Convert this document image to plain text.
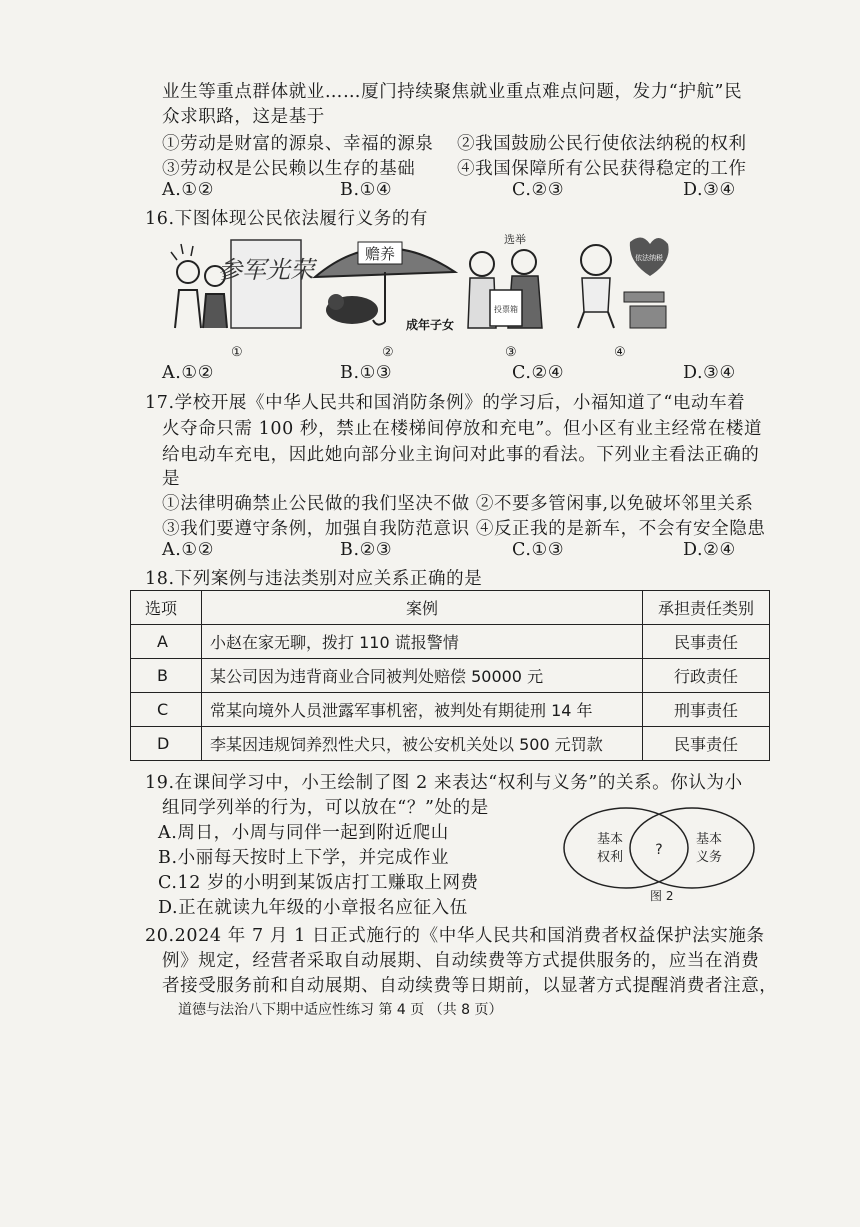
业生等重点群体就业……厦门持续聚焦就业重点难点问题，发力“护航”民
众求职路，这是基于
①劳动是财富的源泉、幸福的源泉 ②我国鼓励公民行使依法纳税的权利
③劳动权是公民赖以生存的基础 ④我国保障所有公民获得稳定的工作
A.①②	B.①④	C.②③	D.③④
16.下图体现公民依法履行义务的有
参军光荣
赡养
成年子女
选举
投票箱
依法纳税
①	②	③	④
A.①②	B.①③	C.②④	D.③④
17.学校开展《中华人民共和国消防条例》的学习后，小福知道了“电动车着
火夺命只需 100 秒，禁止在楼梯间停放和充电”。但小区有业主经常在楼道
给电动车充电，因此她向部分业主询问对此事的看法。下列业主看法正确的
是
①法律明确禁止公民做的我们坚决不做 ②不要多管闲事,以免破坏邻里关系
③我们要遵守条例，加强自我防范意识 ④反正我的是新车，不会有安全隐患
A.①②	B.②③	C.①③	D.②④
18.下列案例与违法类别对应关系正确的是
选项	案例	承担责任类别
A	小赵在家无聊，拨打 110 谎报警情	民事责任
B	某公司因为违背商业合同被判处赔偿 50000 元	行政责任
C	常某向境外人员泄露军事机密，被判处有期徒刑 14 年	刑事责任
D	李某因违规饲养烈性犬只，被公安机关处以 500 元罚款	民事责任
19.在课间学习中，小王绘制了图 2 来表达“权利与义务”的关系。你认为小
组同学列举的行为，可以放在“？”处的是
A.周日，小周与同伴一起到附近爬山
B.小丽每天按时上下学，并完成作业
C.12 岁的小明到某饭店打工赚取上网费
D.正在就读九年级的小章报名应征入伍
基本
权利 ?
基本
义务
图 2
20.2024 年 7 月 1 日正式施行的《中华人民共和国消费者权益保护法实施条
例》规定，经营者采取自动展期、自动续费等方式提供服务的，应当在消费
者接受服务前和自动展期、自动续费等日期前，以显著方式提醒消费者注意，
道德与法治八下期中适应性练习 第 4 页 （共 8 页）
